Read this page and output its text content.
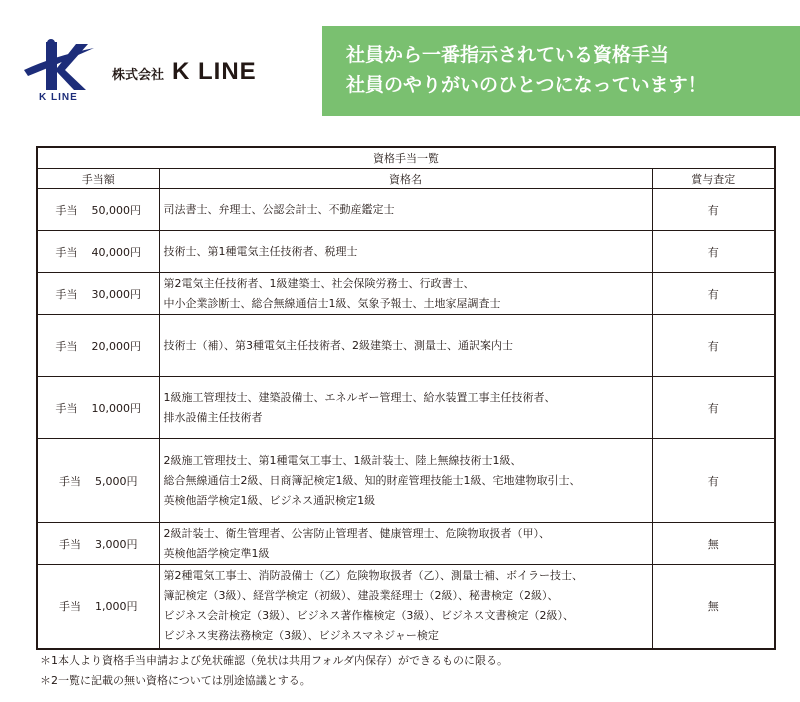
K LINE
株式会社 K LINE
社員から一番指示されている資格手当
社員のやりがいのひとつになっています！
資格手当一覧		
手当額	資格名	賞与査定
手当 50,000円	司法書士、弁理士、公認会計士、不動産鑑定士	有
手当 40,000円	技術士、第1種電気主任技術者、税理士	有
手当 30,000円	第2電気主任技術者、1級建築士、社会保険労務士、行政書士、
中小企業診断士、総合無線通信士1級、気象予報士、土地家屋調査士	有
手当 20,000円	技術士（補）、第3種電気主任技術者、2級建築士、測量士、通訳案内士	有
手当 10,000円	1級施工管理技士、建築設備士、エネルギー管理士、給水装置工事主任技術者、
排水設備主任技術者	有
手当 5,000円	2級施工管理技士、第1種電気工事士、1級計装士、陸上無線技術士1級、
総合無線通信士2級、日商簿記検定1級、知的財産管理技能士1級、宅地建物取引士、
英検他語学検定1級、ビジネス通訳検定1級	有
手当 3,000円	2級計装士、衛生管理者、公害防止管理者、健康管理士、危険物取扱者（甲）、
英検他語学検定準1級	無
手当 1,000円	第2種電気工事士、消防設備士（乙）危険物取扱者（乙）、測量士補、ボイラー技士、
簿記検定（3級）、経営学検定（初級）、建設業経理士（2級）、秘書検定（2級）、
ビジネス会計検定（3級）、ビジネス著作権検定（3級）、ビジネス文書検定（2級）、
ビジネス実務法務検定（3級）、ビジネスマネジャー検定	無
＊1本人より資格手当申請および免状確認（免状は共用フォルダ内保存）ができるものに限る。
＊2一覧に記載の無い資格については別途協議とする。
